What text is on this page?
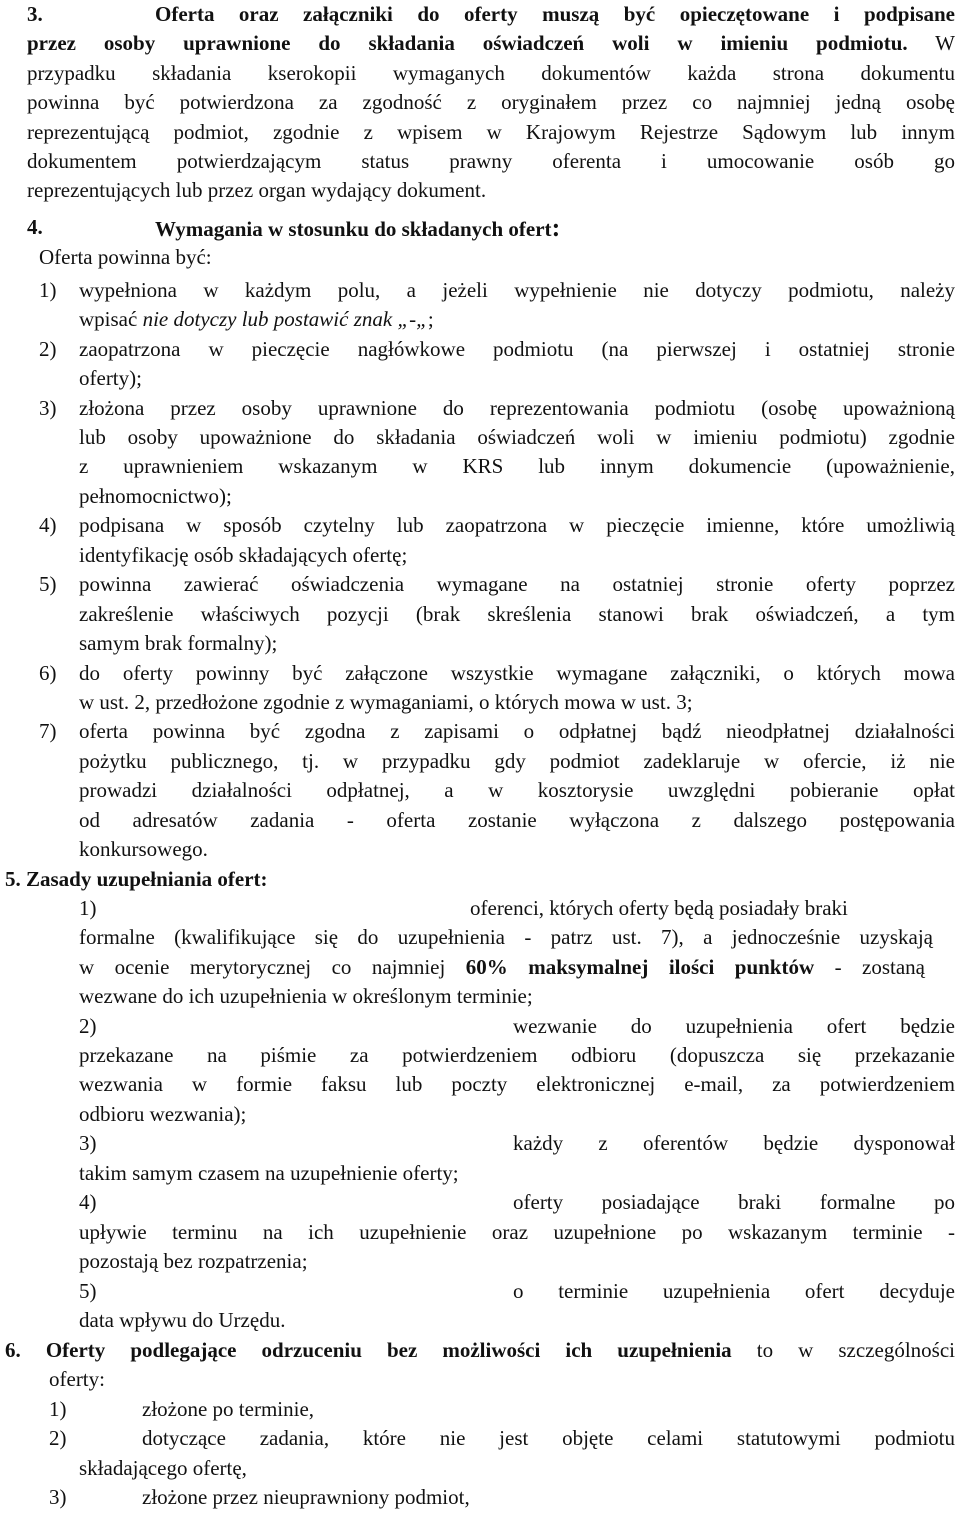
3.	Oferta oraz załączniki do oferty muszą być opieczętowane i podpisane
przez osoby uprawnione do składania oświadczeń woli w imieniu podmiotu. W
przypadku składania kserokopii wymaganych dokumentów każda strona dokumentu
powinna być potwierdzona za zgodność z oryginałem przez co najmniej jedną osobę
reprezentującą podmiot, zgodnie z wpisem w Krajowym Rejestrze Sądowym lub innym
dokumentem potwierdzającym status prawny oferenta i umocowanie osób go
reprezentujących lub przez organ wydający dokument.
4.	Wymagania w stosunku do składanych ofert:
Oferta powinna być:
1) wypełniona w każdym polu, a jeżeli wypełnienie nie dotyczy podmiotu, należy
wpisać nie dotyczy lub postawić znak „-„;
2) zaopatrzona w pieczęcie nagłówkowe podmiotu (na pierwszej i ostatniej stronie
oferty);
3) złożona przez osoby uprawnione do reprezentowania podmiotu (osobę upoważnioną
lub osoby upoważnione do składania oświadczeń woli w imieniu podmiotu) zgodnie
z uprawnieniem wskazanym w KRS lub innym dokumencie (upoważnienie,
pełnomocnictwo);
4) podpisana w sposób czytelny lub zaopatrzona w pieczęcie imienne, które umożliwią
identyfikację osób składających ofertę;
5) powinna zawierać oświadczenia wymagane na ostatniej stronie oferty poprzez
zakreślenie właściwych pozycji (brak skreślenia stanowi brak oświadczeń, a tym
samym brak formalny);
6) do oferty powinny być załączone wszystkie wymagane załączniki, o których mowa
w ust. 2, przedłożone zgodnie z wymaganiami, o których mowa w ust. 3;
7) oferta powinna być zgodna z zapisami o odpłatnej bądź nieodpłatnej działalności
pożytku publicznego, tj. w przypadku gdy podmiot zadeklaruje w ofercie, iż nie
prowadzi działalności odpłatnej, a w kosztorysie uwzględni pobieranie opłat
od adresatów zadania - oferta zostanie wyłączona z dalszego postępowania
konkursowego.
5. Zasady uzupełniania ofert:
1)	oferenci, których oferty będą posiadały braki
formalne (kwalifikujące się do uzupełnienia - patrz ust. 7), a jednocześnie uzyskają
w ocenie merytorycznej co najmniej 60% maksymalnej ilości punktów - zostaną
wezwane do ich uzupełnienia w określonym terminie;
2)	wezwanie do uzupełnienia ofert będzie
przekazane na piśmie za potwierdzeniem odbioru (dopuszcza się przekazanie
wezwania w formie faksu lub poczty elektronicznej e-mail, za potwierdzeniem
odbioru wezwania);
3)	każdy z oferentów będzie dysponował
takim samym czasem na uzupełnienie oferty;
4)	oferty posiadające braki formalne po
upływie terminu na ich uzupełnienie oraz uzupełnione po wskazanym terminie -
pozostają bez rozpatrzenia;
5)	o terminie uzupełnienia ofert decyduje
data wpływu do Urzędu.
6. Oferty podlegające odrzuceniu bez możliwości ich uzupełnienia to w szczególności
oferty:
1)	złożone po terminie,
2)	dotyczące zadania, które nie jest objęte celami statutowymi podmiotu
składającego ofertę,
3)	złożone przez nieuprawniony podmiot,
